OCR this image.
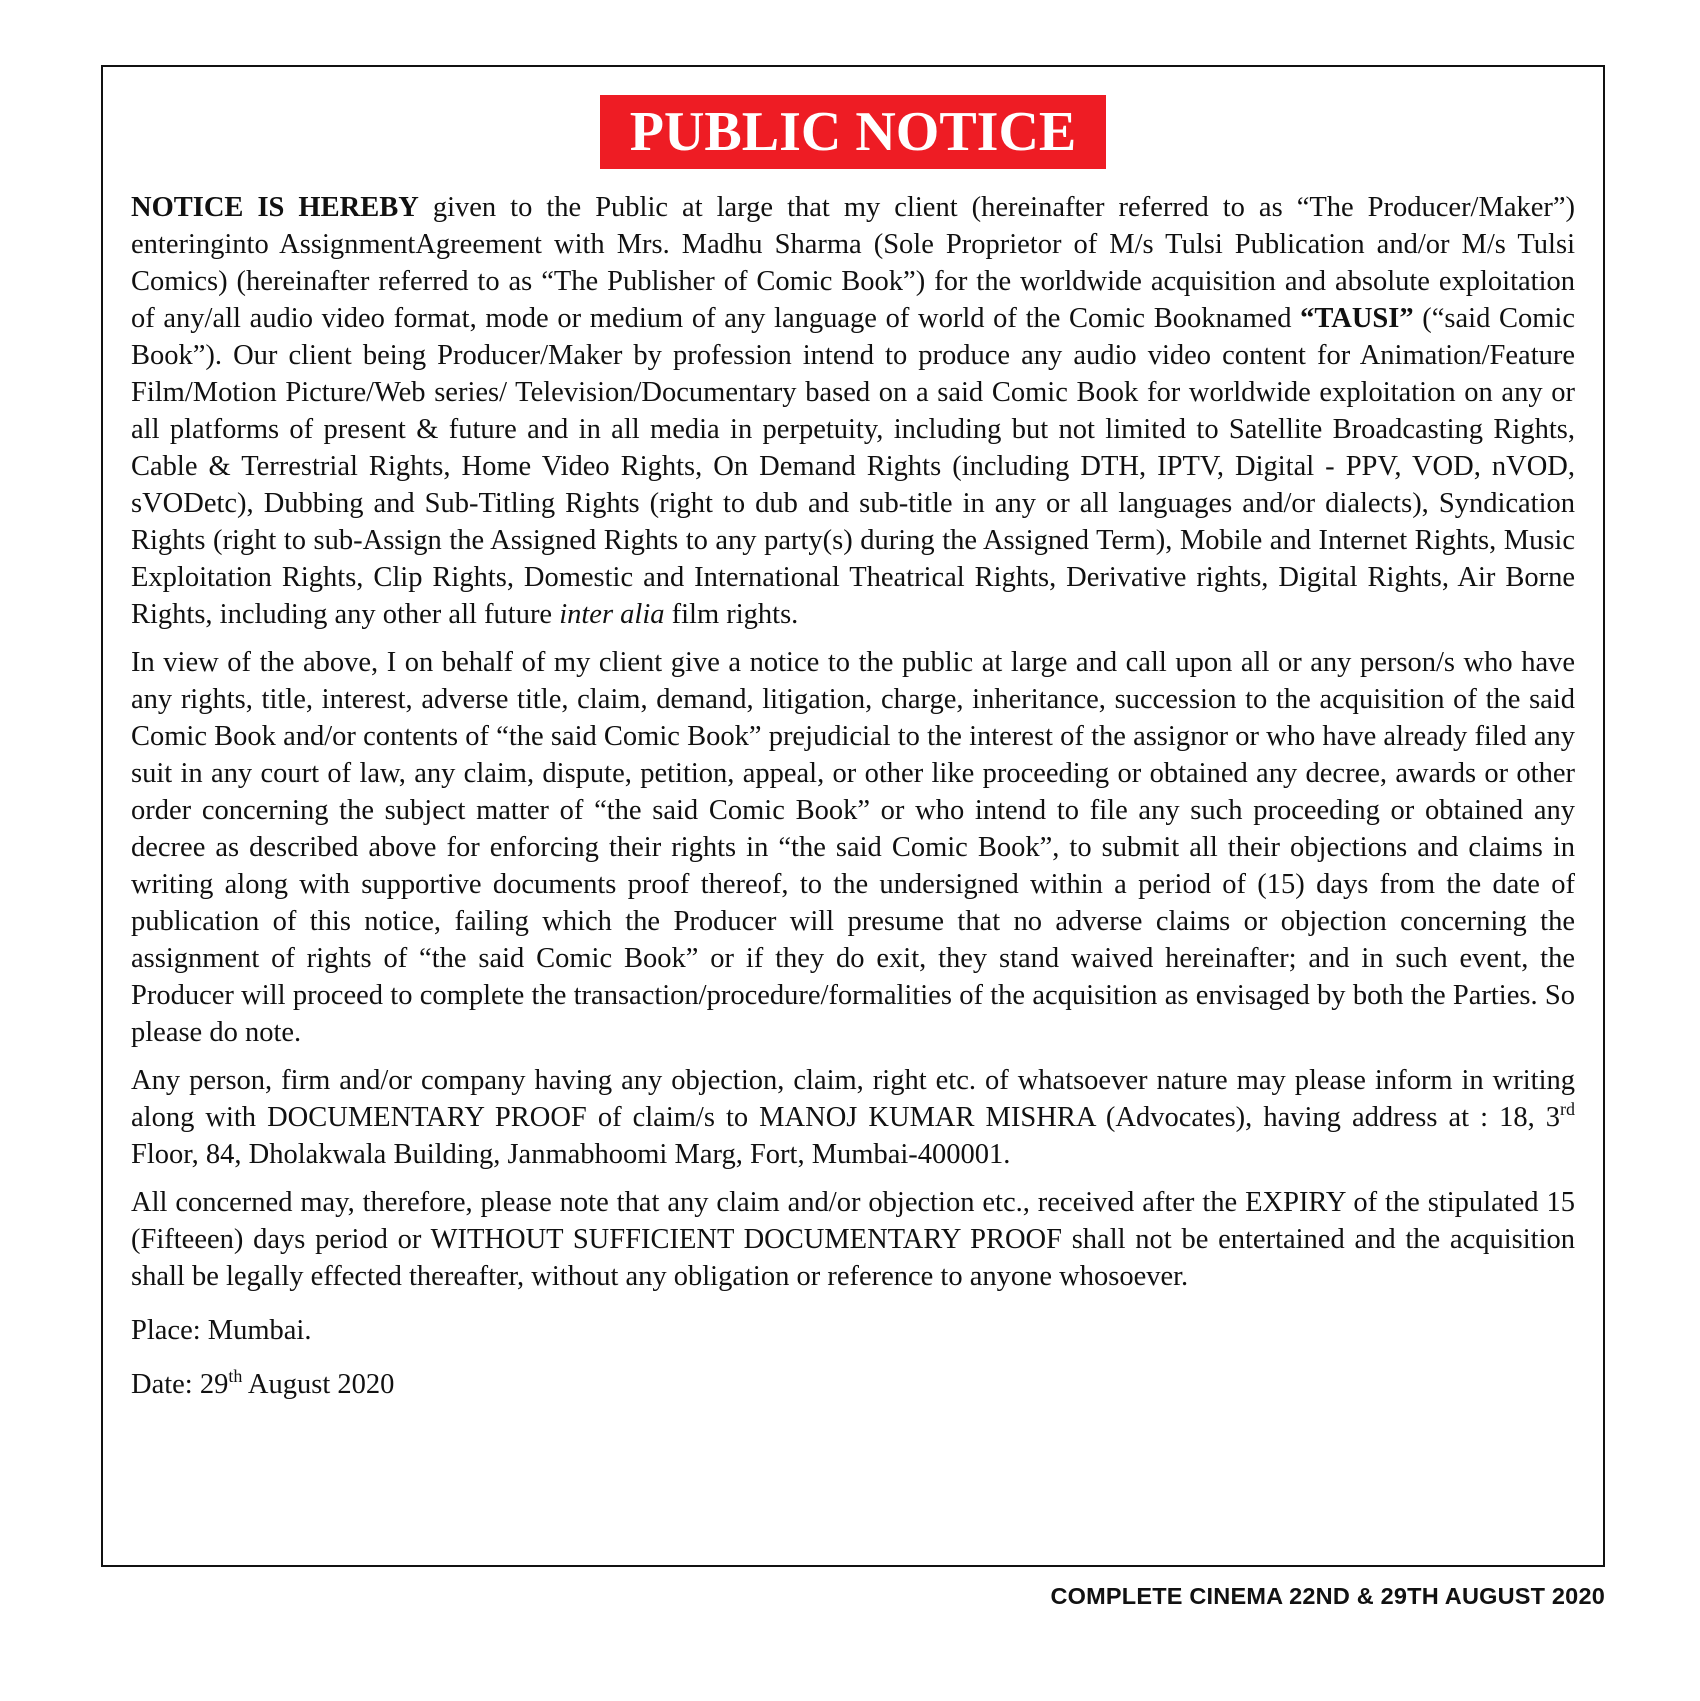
PUBLIC NOTICE

NOTICE IS HEREBY given to the Public at large that my client (hereinafter referred to as “The Producer/Maker”) enteringinto AssignmentAgreement with Mrs. Madhu Sharma (Sole Proprietor of M/s Tulsi Publication and/or M/s Tulsi Comics) (hereinafter referred to as “The Publisher of Comic Book”) for the worldwide acquisition and absolute exploitation of any/all audio video format, mode or medium of any language of world of the Comic Booknamed “TAUSI” (“said Comic Book”). Our client being Producer/Maker by profession intend to produce any audio video content for Animation/Feature Film/Motion Picture/Web series/ Television/Documentary based on a said Comic Book for worldwide exploitation on any or all platforms of present & future and in all media in perpetuity, including but not limited to Satellite Broadcasting Rights, Cable & Terrestrial Rights, Home Video Rights, On Demand Rights (including DTH, IPTV, Digital - PPV, VOD, nVOD, sVODetc), Dubbing and Sub-Titling Rights (right to dub and sub-title in any or all languages and/or dialects), Syndication Rights (right to sub-Assign the Assigned Rights to any party(s) during the Assigned Term), Mobile and Internet Rights, Music Exploitation Rights, Clip Rights, Domestic and International Theatrical Rights, Derivative rights, Digital Rights, Air Borne Rights, including any other all future inter alia film rights.

In view of the above, I on behalf of my client give a notice to the public at large and call upon all or any person/s who have any rights, title, interest, adverse title, claim, demand, litigation, charge, inheritance, succession to the acquisition of the said Comic Book and/or contents of “the said Comic Book” prejudicial to the interest of the assignor or who have already filed any suit in any court of law, any claim, dispute, petition, appeal, or other like proceeding or obtained any decree, awards or other order concerning the subject matter of “the said Comic Book” or who intend to file any such proceeding or obtained any decree as described above for enforcing their rights in “the said Comic Book”, to submit all their objections and claims in writing along with supportive documents proof thereof, to the undersigned within a period of (15) days from the date of publication of this notice, failing which the Producer will presume that no adverse claims or objection concerning the assignment of rights of “the said Comic Book” or if they do exit, they stand waived hereinafter; and in such event, the Producer will proceed to complete the transaction/procedure/formalities of the acquisition as envisaged by both the Parties. So please do note.

Any person, firm and/or company having any objection, claim, right etc. of whatsoever nature may please inform in writing along with DOCUMENTARY PROOF of claim/s to MANOJ KUMAR MISHRA (Advocates), having address at : 18, 3rd Floor, 84, Dholakwala Building, Janmabhoomi Marg, Fort, Mumbai-400001.

All concerned may, therefore, please note that any claim and/or objection etc., received after the EXPIRY of the stipulated 15 (Fifteeen) days period or WITHOUT SUFFICIENT DOCUMENTARY PROOF shall not be entertained and the acquisition shall be legally effected thereafter, without any obligation or reference to anyone whosoever.

Place: Mumbai.

Date: 29th August 2020

COMPLETE CINEMA 22ND & 29TH AUGUST 2020
